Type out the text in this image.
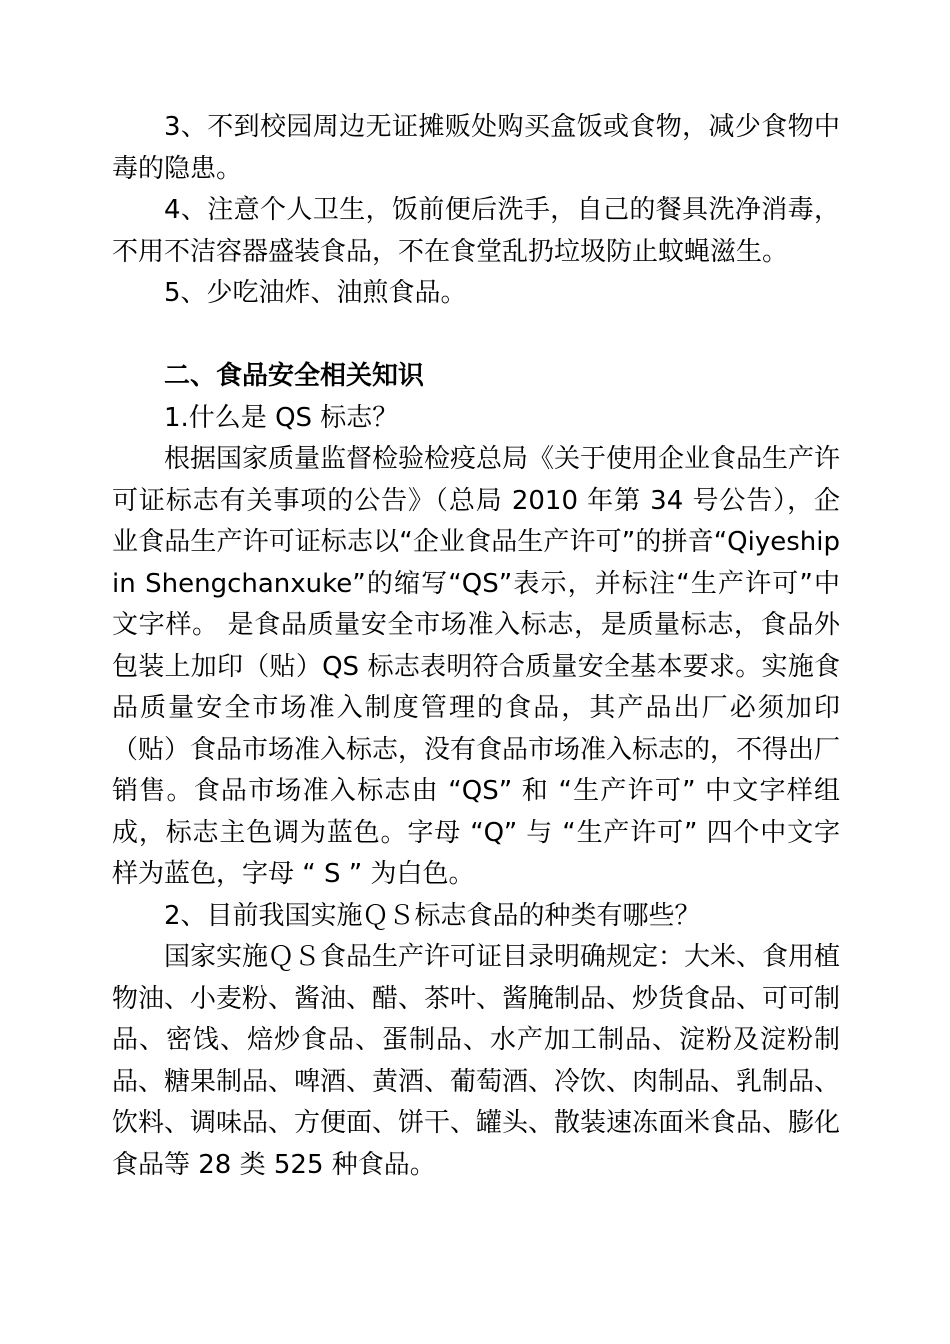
3、不到校园周边无证摊贩处购买盒饭或食物，减少食物中毒的隐患。

4、注意个人卫生，饭前便后洗手，自己的餐具洗净消毒，不用不洁容器盛装食品，不在食堂乱扔垃圾防止蚊蝇滋生。

5、少吃油炸、油煎食品。

二、食品安全相关知识

1.什么是 QS 标志？

根据国家质量监督检验检疫总局《关于使用企业食品生产许可证标志有关事项的公告》（总局 2010 年第 34 号公告），企业食品生产许可证标志以“企业食品生产许可”的拼音“Qiyeshipin Shengchanxuke”的缩写“QS”表示，并标注“生产许可”中文字样。 是食品质量安全市场准入标志，是质量标志，食品外包装上加印（贴）QS 标志表明符合质量安全基本要求。实施食品质量安全市场准入制度管理的食品，其产品出厂必须加印（贴）食品市场准入标志，没有食品市场准入标志的，不得出厂销售。食品市场准入标志由 “QS” 和 “生产许可” 中文字样组成，标志主色调为蓝色。字母 “Q” 与 “生产许可” 四个中文字样为蓝色，字母 “ S ” 为白色。

2、目前我国实施ＱＳ标志食品的种类有哪些？

国家实施ＱＳ食品生产许可证目录明确规定：大米、食用植物油、小麦粉、酱油、醋、茶叶、酱腌制品、炒货食品、可可制品、密饯、焙炒食品、蛋制品、水产加工制品、淀粉及淀粉制品、糖果制品、啤酒、黄酒、葡萄酒、冷饮、肉制品、乳制品、饮料、调味品、方便面、饼干、罐头、散装速冻面米食品、膨化食品等 28 类 525 种食品。
